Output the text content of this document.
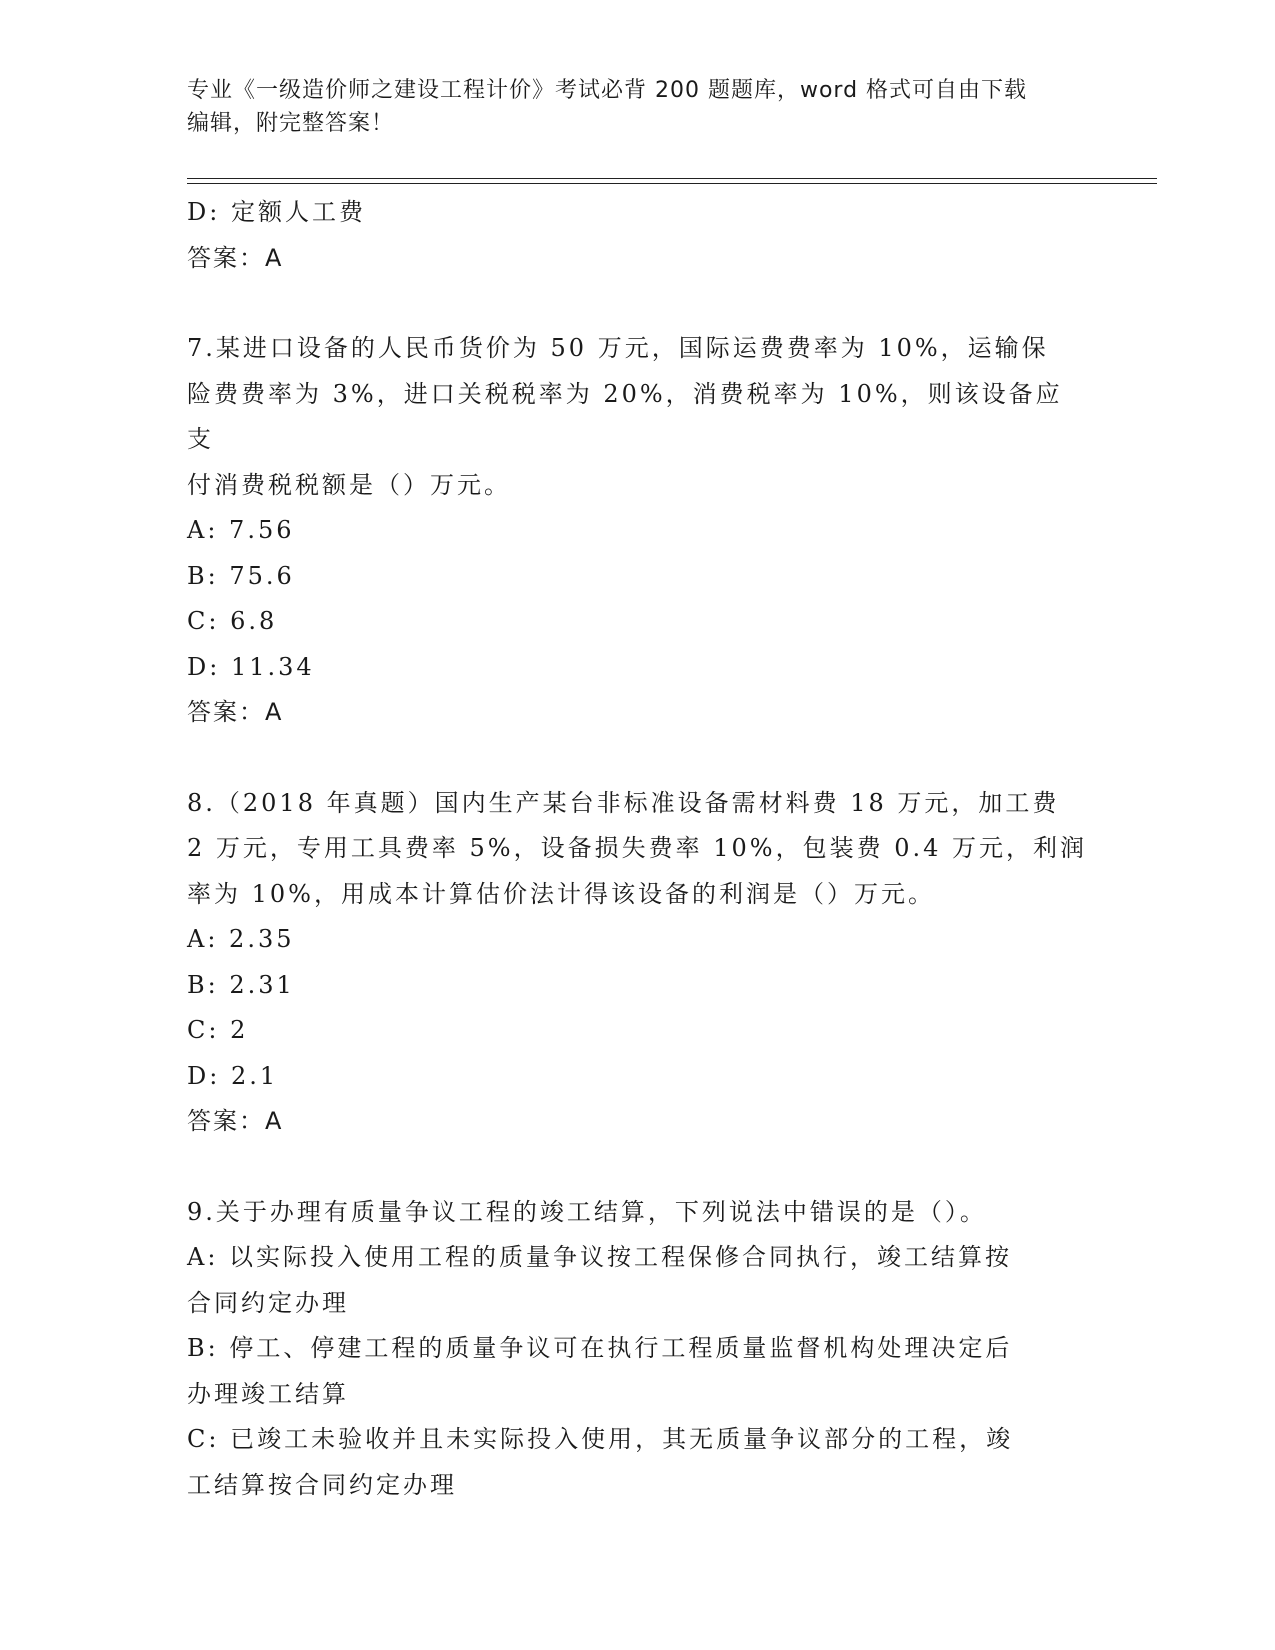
专业《一级造价师之建设工程计价》考试必背 200 题题库，word 格式可自由下载
编辑，附完整答案！

D: 定额人工费

答案：A

7.某进口设备的人民币货价为 50 万元，国际运费费率为 10%，运输保

险费费率为 3%，进口关税税率为 20%，消费税率为 10%，则该设备应支

付消费税税额是（）万元。

A: 7.56

B: 75.6

C: 6.8

D: 11.34

答案：A

8.（2018 年真题）国内生产某台非标准设备需材料费 18 万元，加工费

2 万元，专用工具费率 5%，设备损失费率 10%，包装费 0.4 万元，利润

率为 10%，用成本计算估价法计得该设备的利润是（）万元。

A: 2.35

B: 2.31

C: 2

D: 2.1

答案：A

9.关于办理有质量争议工程的竣工结算，下列说法中错误的是（）。

A: 以实际投入使用工程的质量争议按工程保修合同执行，竣工结算按

合同约定办理

B: 停工、停建工程的质量争议可在执行工程质量监督机构处理决定后

办理竣工结算

C: 已竣工未验收并且未实际投入使用，其无质量争议部分的工程，竣

工结算按合同约定办理
